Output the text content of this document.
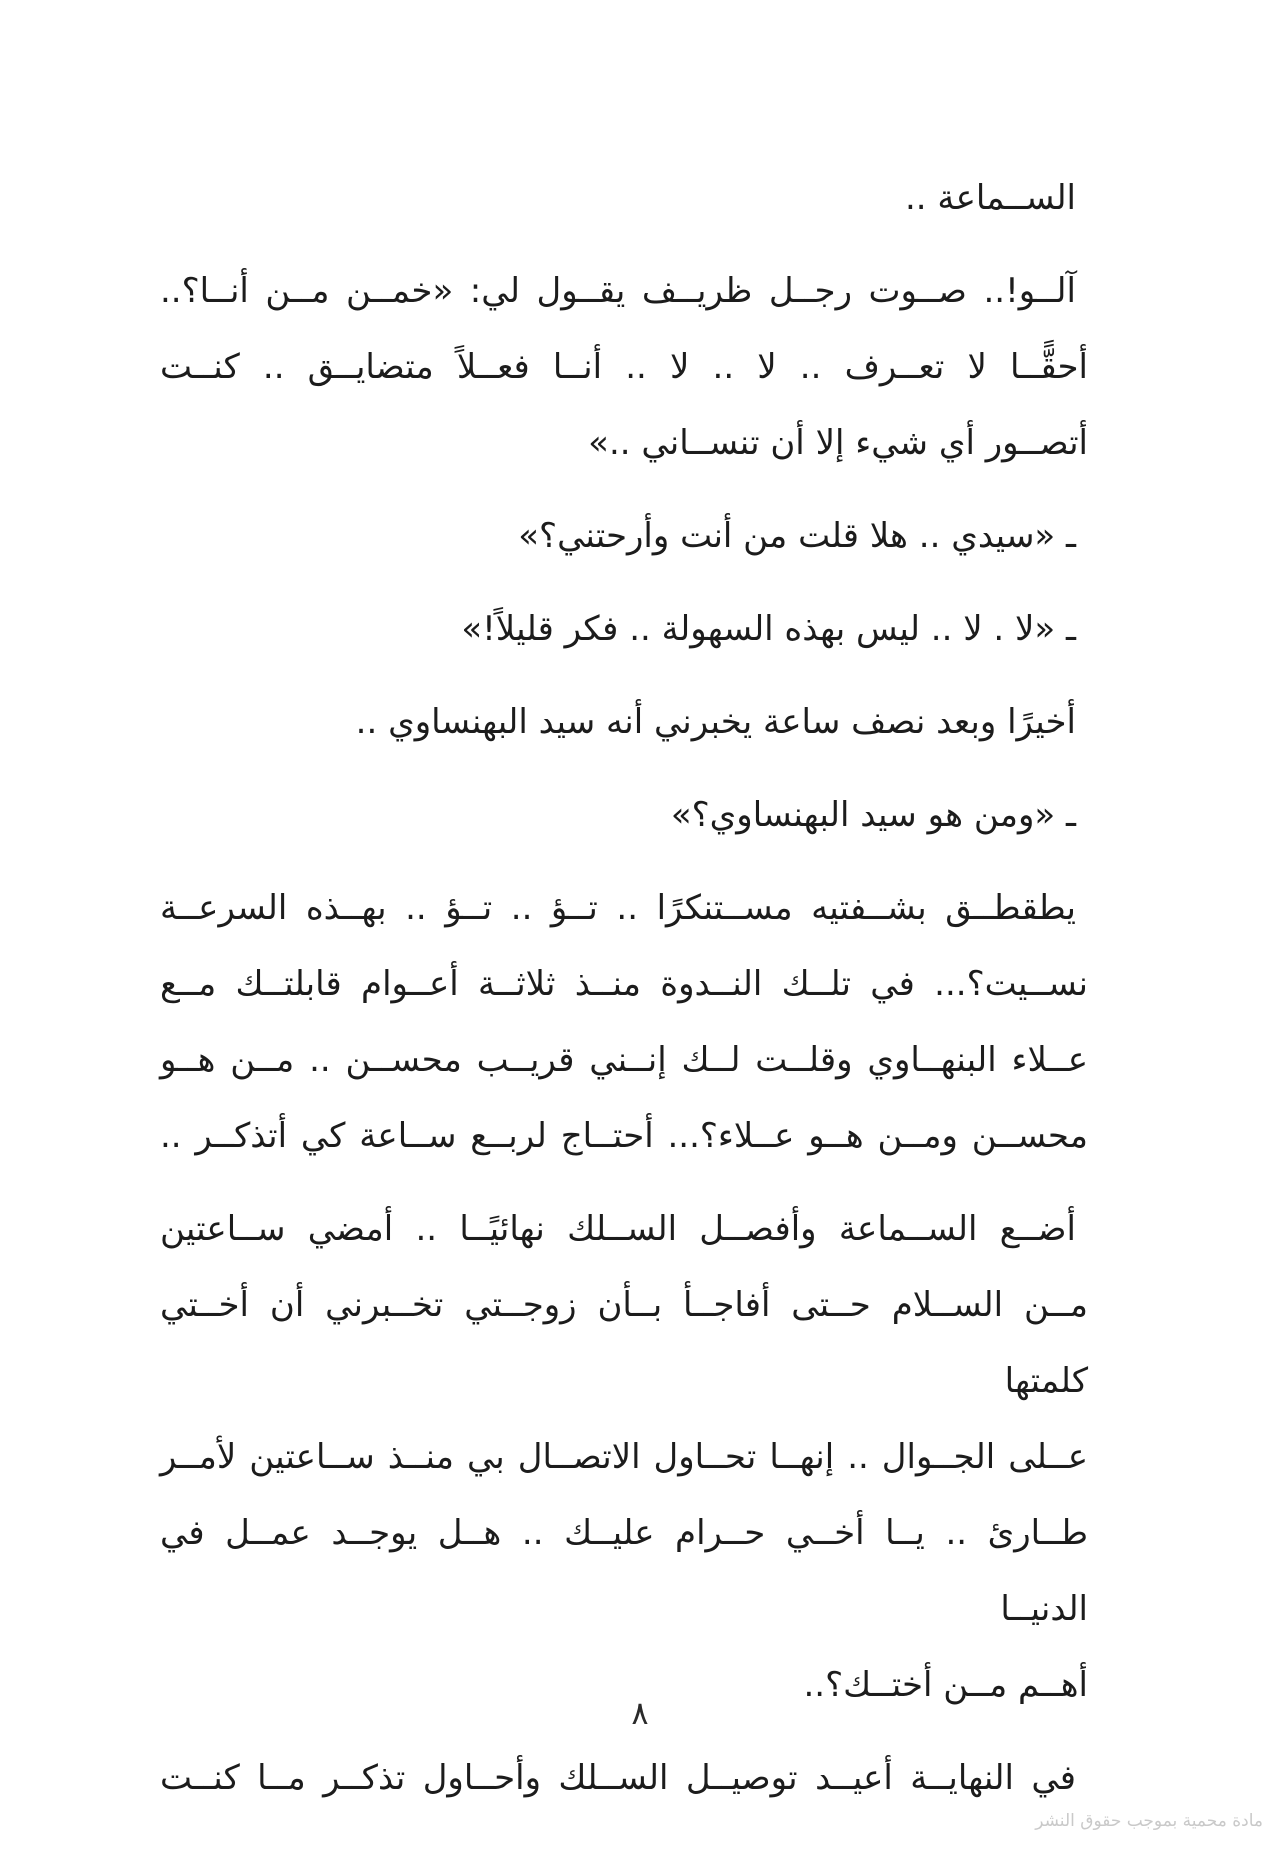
الســماعة ..
آلــو!.. صــوت رجــل ظريــف يقــول لي: «خمــن مــن أنــا؟..
أحقًّــا لا تعــرف .. لا .. لا .. أنــا فعــلاً متضايــق .. كنــت
أتصــور أي شيء إلا أن تنســاني ..»
ـ «سيدي .. هلا قلت من أنت وأرحتني؟»
ـ «لا . لا .. ليس بهذه السهولة .. فكر قليلاً!»
أخيرًا وبعد نصف ساعة يخبرني أنه سيد البهنساوي ..
ـ «ومن هو سيد البهنساوي؟»
يطقطــق بشــفتيه مســتنكرًا .. تــؤ .. تــؤ .. بهــذه السرعــة
نســيت؟... في تلــك النــدوة منــذ ثلاثــة أعــوام قابلتــك مــع
عــلاء البنهــاوي وقلــت لــك إنــني قريــب محســن .. مــن هــو
محســن ومــن هــو عــلاء؟... أحتــاج لربــع ســاعة كي أتذكــر ..
أضــع الســماعة وأفصــل الســلك نهائيًــا .. أمضي ســاعتين
مــن الســلام حــتى أفاجــأ بــأن زوجــتي تخــبرني أن أخــتي كلمتها
عــلى الجــوال .. إنهــا تحــاول الاتصــال بي منــذ ســاعتين لأمــر
طــارئ .. يــا أخــي حــرام عليــك .. هــل يوجــد عمــل في الدنيــا
أهــم مــن أختــك؟..
في النهايــة أعيــد توصيــل الســلك وأحــاول تذكــر مــا كنــت
٨
مادة محمية بموجب حقوق النشر
